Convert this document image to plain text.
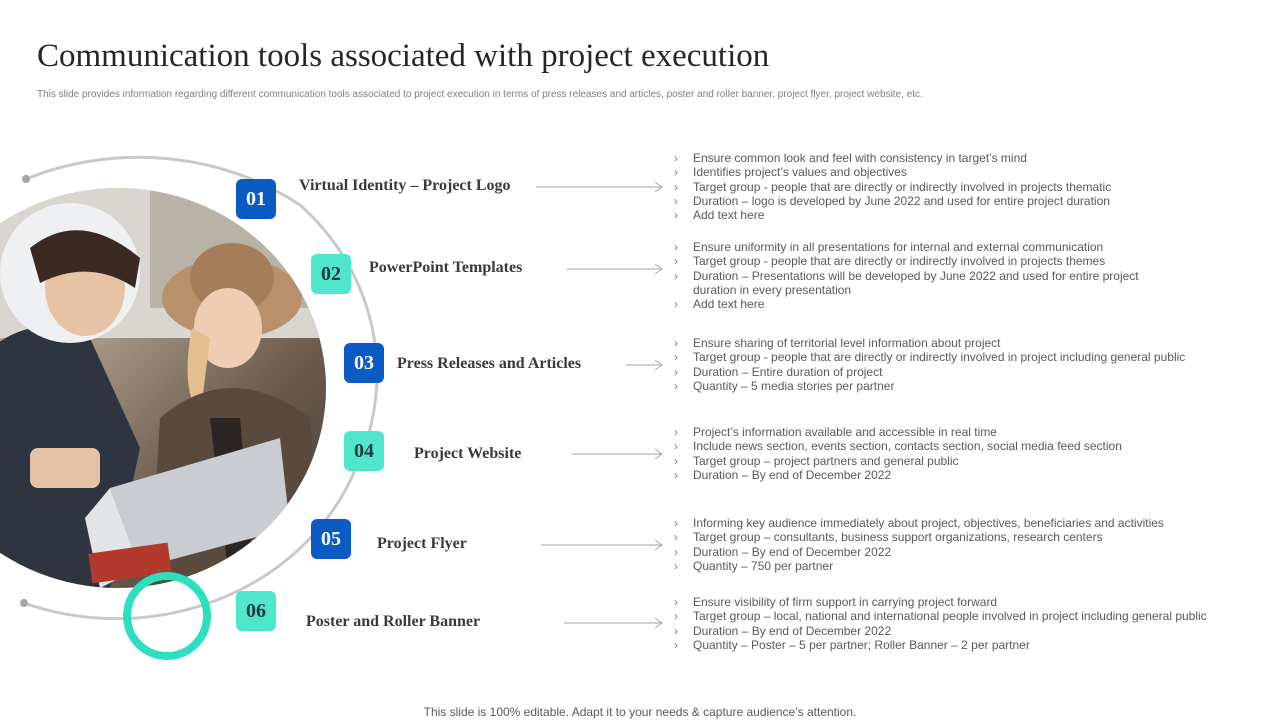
Communication tools associated with project execution

This slide provides information regarding different communication tools associated to project execution in terms of press releases and articles, poster and roller banner, project flyer, project website, etc.

01
02
03
04
05
06
Virtual Identity – Project Logo
PowerPoint Templates
Press Releases and Articles
Project Website
Project Flyer
Poster and Roller Banner
› Ensure common look and feel with consistency in target’s mind
› Identifies project’s values and objectives
› Target group - people that are directly or indirectly involved in projects thematic
› Duration – logo is developed by June 2022 and used for entire project duration
› Add text here
› Ensure uniformity in all presentations for internal and external communication
› Target group - people that are directly or indirectly involved in projects themes
› Duration – Presentations will be developed by June 2022 and used for entire project
duration in every presentation
› Add text here
› Ensure sharing of territorial level information about project
› Target group - people that are directly or indirectly involved in project including general public
› Duration – Entire duration of project
› Quantity – 5 media stories per partner
› Project’s information available and accessible in real time
› Include news section, events section, contacts section, social media feed section
› Target group – project partners and general public
› Duration – By end of December 2022
› Informing key audience immediately about project, objectives, beneficiaries and activities
› Target group – consultants, business support organizations, research centers
› Duration – By end of December 2022
› Quantity – 750 per partner
› Ensure visibility of firm support in carrying project forward
› Target group – local, national and international people involved in project including general public
› Duration – By end of December 2022
› Quantity – Poster – 5 per partner; Roller Banner – 2 per partner
This slide is 100% editable. Adapt it to your needs & capture audience’s attention.
